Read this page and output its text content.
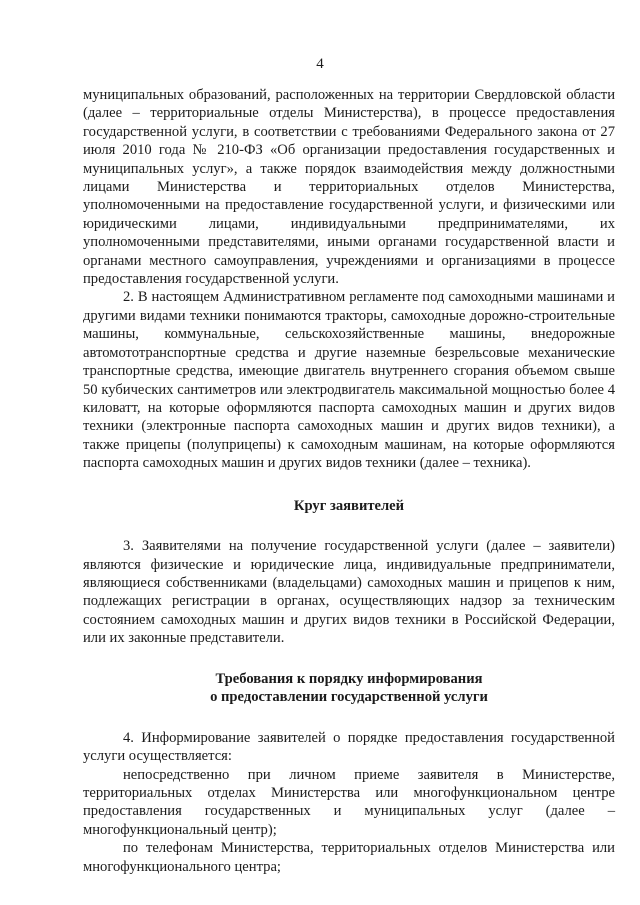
4

муниципальных образований, расположенных на территории Свердловской области (далее – территориальные отделы Министерства), в процессе предоставления государственной услуги, в соответствии с требованиями Федерального закона от 27 июля 2010 года № 210-ФЗ «Об организации предоставления государственных и муниципальных услуг», а также порядок взаимодействия между должностными лицами Министерства и территориальных отделов Министерства, уполномоченными на предоставление государственной услуги, и физическими или юридическими лицами, индивидуальными предпринимателями, их уполномоченными представителями, иными органами государственной власти и органами местного самоуправления, учреждениями и организациями в процессе предоставления государственной услуги.

2. В настоящем Административном регламенте под самоходными машинами и другими видами техники понимаются тракторы, самоходные дорожно-строительные машины, коммунальные, сельскохозяйственные машины, внедорожные автомототранспортные средства и другие наземные безрельсовые механические транспортные средства, имеющие двигатель внутреннего сгорания объемом свыше 50 кубических сантиметров или электродвигатель максимальной мощностью более 4 киловатт, на которые оформляются паспорта самоходных машин и других видов техники (электронные паспорта самоходных машин и других видов техники), а также прицепы (полуприцепы) к самоходным машинам, на которые оформляются паспорта самоходных машин и других видов техники (далее – техника).

Круг заявителей

3. Заявителями на получение государственной услуги (далее – заявители) являются физические и юридические лица, индивидуальные предприниматели, являющиеся собственниками (владельцами) самоходных машин и прицепов к ним, подлежащих регистрации в органах, осуществляющих надзор за техническим состоянием самоходных машин и других видов техники в Российской Федерации, или их законные представители.

Требования к порядку информирования

о предоставлении государственной услуги

4. Информирование заявителей о порядке предоставления государственной услуги осуществляется:

непосредственно при личном приеме заявителя в Министерстве, территориальных отделах Министерства или многофункциональном центре предоставления государственных и муниципальных услуг (далее – многофункциональный центр);

по телефонам Министерства, территориальных отделов Министерства или многофункционального центра;
